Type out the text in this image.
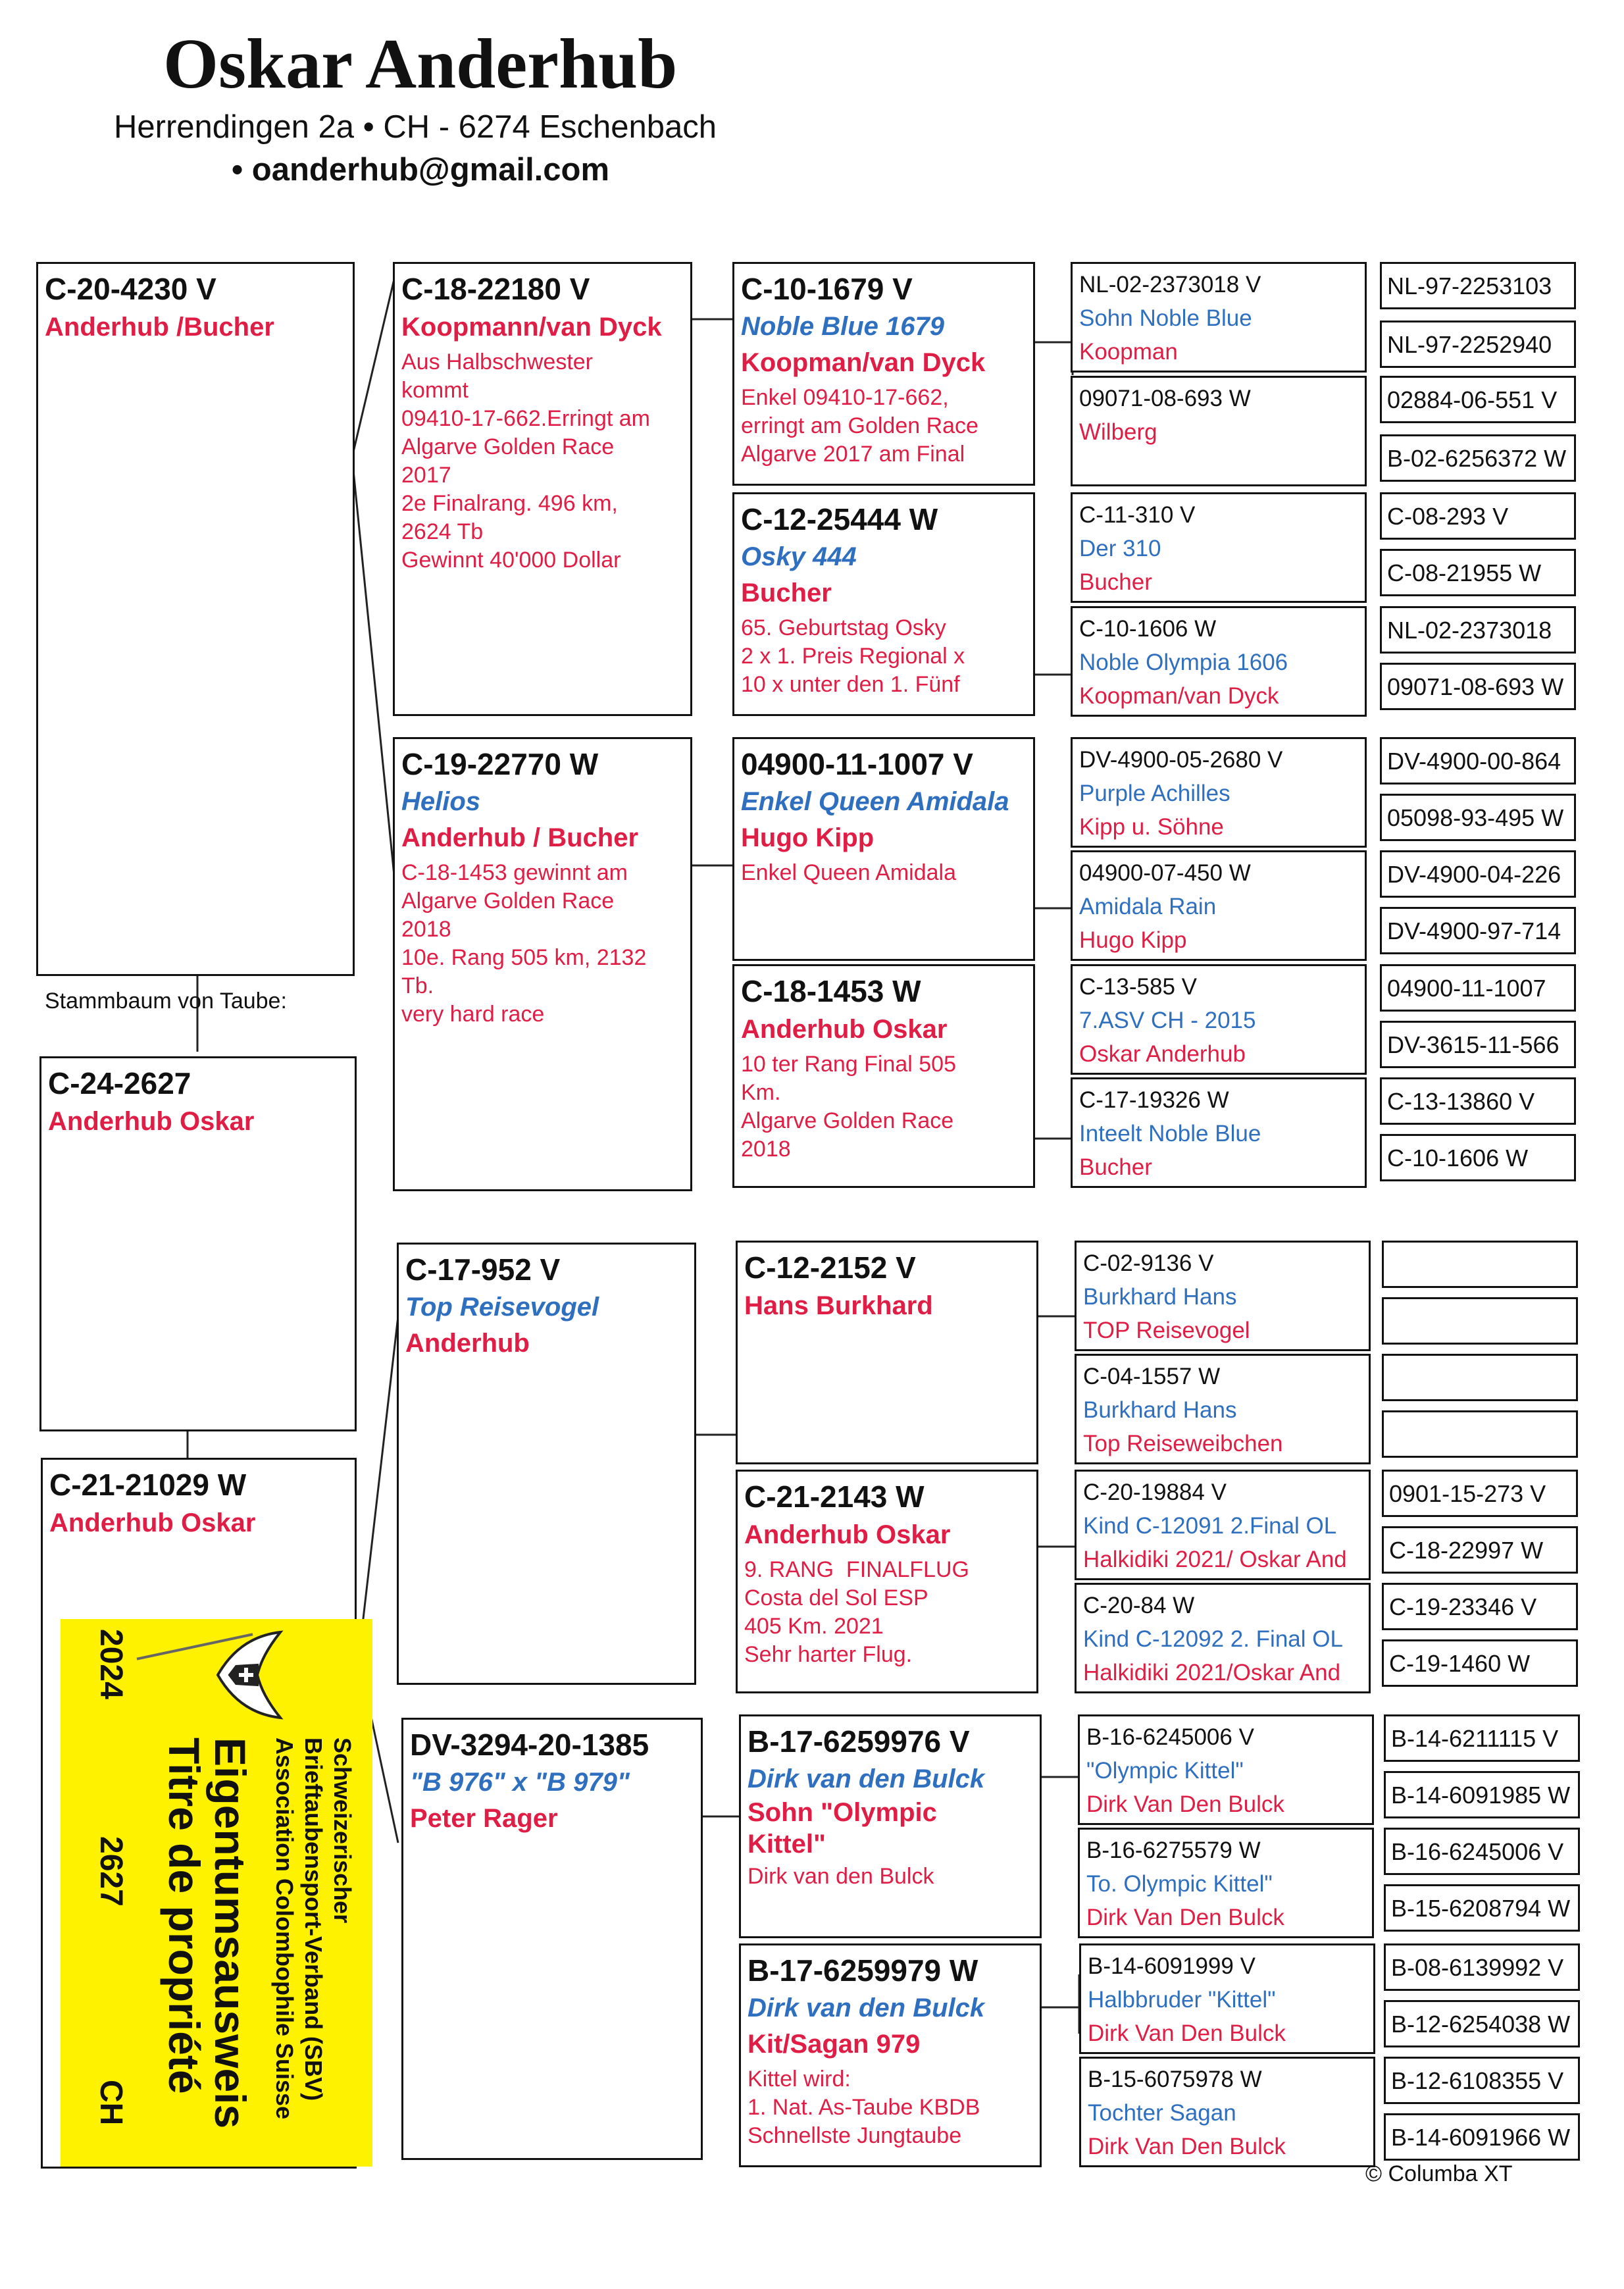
Oskar Anderhub
Herrendingen 2a • CH - 6274 Eschenbach
• oanderhub@gmail.com
C-20-4230 V
Anderhub /Bucher
Stammbaum von Taube:
C-24-2627
Anderhub Oskar
C-21-21029 W
Anderhub Oskar
C-18-22180 V
Koopmann/van Dyck
Aus Halbschwester
kommt
09410-17-662.Erringt am
Algarve Golden Race
2017
2e Finalrang. 496 km,
2624 Tb
Gewinnt 40'000 Dollar
C-19-22770 W
Helios
Anderhub / Bucher
C-18-1453 gewinnt am
Algarve Golden Race
2018
10e. Rang 505 km, 2132
Tb.
very hard race
C-17-952 V
Top Reisevogel
Anderhub
DV-3294-20-1385
"B 976" x "B 979"
Peter Rager
C-10-1679 V
Noble Blue 1679
Koopman/van Dyck
Enkel 09410-17-662,
erringt am Golden Race
Algarve 2017 am Final
C-12-25444 W
Osky 444
Bucher
65. Geburtstag Osky
2 x 1. Preis Regional x
10 x unter den 1. Fünf
04900-11-1007 V
Enkel Queen Amidala
Hugo Kipp
Enkel Queen Amidala
C-18-1453 W
Anderhub Oskar
10 ter Rang Final 505
Km.
Algarve Golden Race
2018
C-12-2152 V
Hans Burkhard
C-21-2143 W
Anderhub Oskar
9. RANG  FINALFLUG
Costa del Sol ESP
405 Km. 2021
Sehr harter Flug.
B-17-6259976 V
Dirk van den Bulck
Sohn "Olympic
Kittel"
Dirk van den Bulck
B-17-6259979 W
Dirk van den Bulck
Kit/Sagan 979
Kittel wird:
1. Nat. As-Taube KBDB
Schnellste Jungtaube
NL-02-2373018 V
Sohn Noble Blue
Koopman
09071-08-693 W
Wilberg
C-11-310 V
Der 310
Bucher
C-10-1606 W
Noble Olympia 1606
Koopman/van Dyck
DV-4900-05-2680 V
Purple Achilles
Kipp u. Söhne
04900-07-450 W
Amidala Rain
Hugo Kipp
C-13-585 V
7.ASV CH - 2015
Oskar Anderhub
C-17-19326 W
Inteelt Noble Blue
Bucher
C-02-9136 V
Burkhard Hans
TOP Reisevogel
C-04-1557 W
Burkhard Hans
Top Reiseweibchen
C-20-19884 V
Kind C-12091 2.Final OL
Halkidiki 2021/ Oskar And
C-20-84 W
Kind C-12092 2. Final OL
Halkidiki 2021/Oskar And
B-16-6245006 V
"Olympic Kittel"
Dirk Van Den Bulck
B-16-6275579 W
To. Olympic Kittel"
Dirk Van Den Bulck
B-14-6091999 V
Halbbruder "Kittel"
Dirk Van Den Bulck
B-15-6075978 W
Tochter Sagan
Dirk Van Den Bulck
NL-97-2253103
NL-97-2252940
02884-06-551 V
B-02-6256372 W
C-08-293 V
C-08-21955 W
NL-02-2373018
09071-08-693 W
DV-4900-00-864
05098-93-495 W
DV-4900-04-226
DV-4900-97-714
04900-11-1007
DV-3615-11-566
C-13-13860 V
C-10-1606 W
0901-15-273 V
C-18-22997 W
C-19-23346 V
C-19-1460 W
B-14-6211115 V
B-14-6091985 W
B-16-6245006 V
B-15-6208794 W
B-08-6139992 V
B-12-6254038 W
B-12-6108355 V
B-14-6091966 W
© Columba XT
Schweizerischer
Brieftaubensport-Verband (SBV)
Association Colombophile Suisse
Eigentumsausweis
Titre de propriété
2024
2627
CH
